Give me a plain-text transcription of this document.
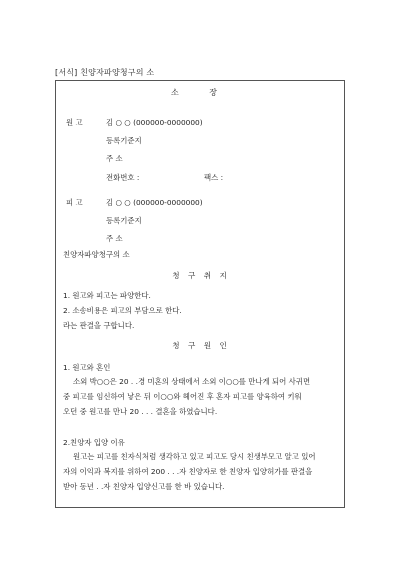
[서식] 친양자파양청구의 소
소 장
원 고	김 ○ ○ (000000-0000000)
등록기준지
주 소
전화번호 :	팩스 :
피 고	김 ○ ○ (000000-0000000)
등록기준지
주 소
친양자파양청구의 소
청 구 취 지
1. 원고와 피고는 파양한다.
2. 소송비용은 피고의 부담으로 한다.
라는 판결을 구합니다.
청 구 원 인
1. 원고와 혼인
소외 박○○은 20 . .경 미혼의 상태에서 소외 이○○를 만나게 되어 사귀면
중 피고를 임신하여 낳은 뒤 이○○와 헤어진 후 혼자 피고를 양육하여 키워
오던 중 원고를 만나 20 . . . 결혼을 하였습니다.
2.친양자 입양 이유
원고는 피고를 친자식처럼 생각하고 있고 피고도 당시 친생부모고 알고 있어
자의 이익과 복지를 위하여 200 . . .자 친양자로 한 친양자 입양허가를 판결을
받아 동년 . .자 친양자 입양신고를 한 바 있습니다.
